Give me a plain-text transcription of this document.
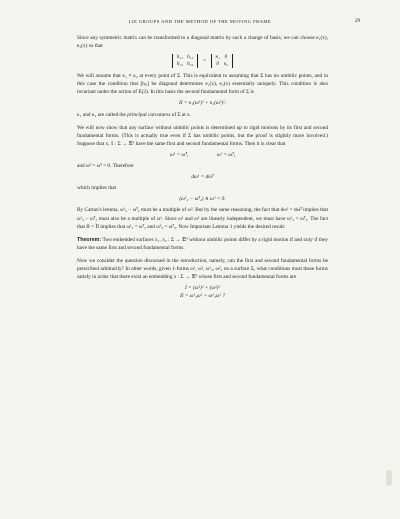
LIE GROUPS AND THE METHOD OF THE MOVING FRAME	29

Since any symmetric matrix can be transformed to a diagonal matrix by such a change of basis, we can choose e₁(x), e₂(x) so that

h₁₁	h₁₂
h₁₂	h₂₂
=
κ₁	0
0	κ₂

We will assume that κ₁ ≠ κ₂ at every point of Σ. This is equivalent to assuming that Σ has no umbilic points, and in this case the condition that [hᵢⱼ] be diagonal determines e₁(x), e₂(x) essentially uniquely. This condition is also invariant under the action of E(3). In this basis the second fundamental form of Σ is

II = κ₁(ω¹)² + κ₂(ω²)².

κ₁ and κ₂ are called the principal curvatures of Σ at x.

We will now show that any surface without umbilic points is determined up to rigid motions by its first and second fundamental forms. (This is actually true even if Σ has umbilic points, but the proof is slightly more involved.) Suppose that x, x̃ : Σ → 𝔼³ have the same first and second fundamental forms. Then it is clear that

ω¹ = ω̃¹,	ω² = ω̃²,

and ω³ = ω̃³ = 0. Therefore

dω¹ = dω̃¹

which implies that

(ω¹₂ − ω̃¹₂) ∧ ω² = 0.

By Cartan's lemma, ω¹₂ − ω̃¹₂ must be a multiple of ω². But by the same reasoning, the fact that dω² = dω̃² implies that ω¹₂ − ω̃¹₂ must also be a multiple of ω¹. Since ω¹ and ω² are linearly independent, we must have ω¹₂ = ω̃¹₂. The fact that II = ĨI implies that ω¹₃ = ω̃¹₃ and ω²₃ = ω̃²₃. Now Important Lemma 1 yields the desired result:

Theorem: Two embedded surfaces x₁, x₂ : Σ → 𝔼³ without umbilic points differ by a rigid motion if and only if they have the same first and second fundamental forms.

Now we consider the question discussed in the introduction, namely, can the first and second fundamental forms be prescribed arbitrarily? In other words, given 1-forms ω¹, ω², ω¹₃, ω²₃ on a surface Σ, what conditions must these forms satisfy in order that there exist an embedding x : Σ → 𝔼³ whose first and second fundamental forms are

I = (ω¹)² + (ω²)²
II = ω¹₃ω¹ + ω²₃ω² ?
